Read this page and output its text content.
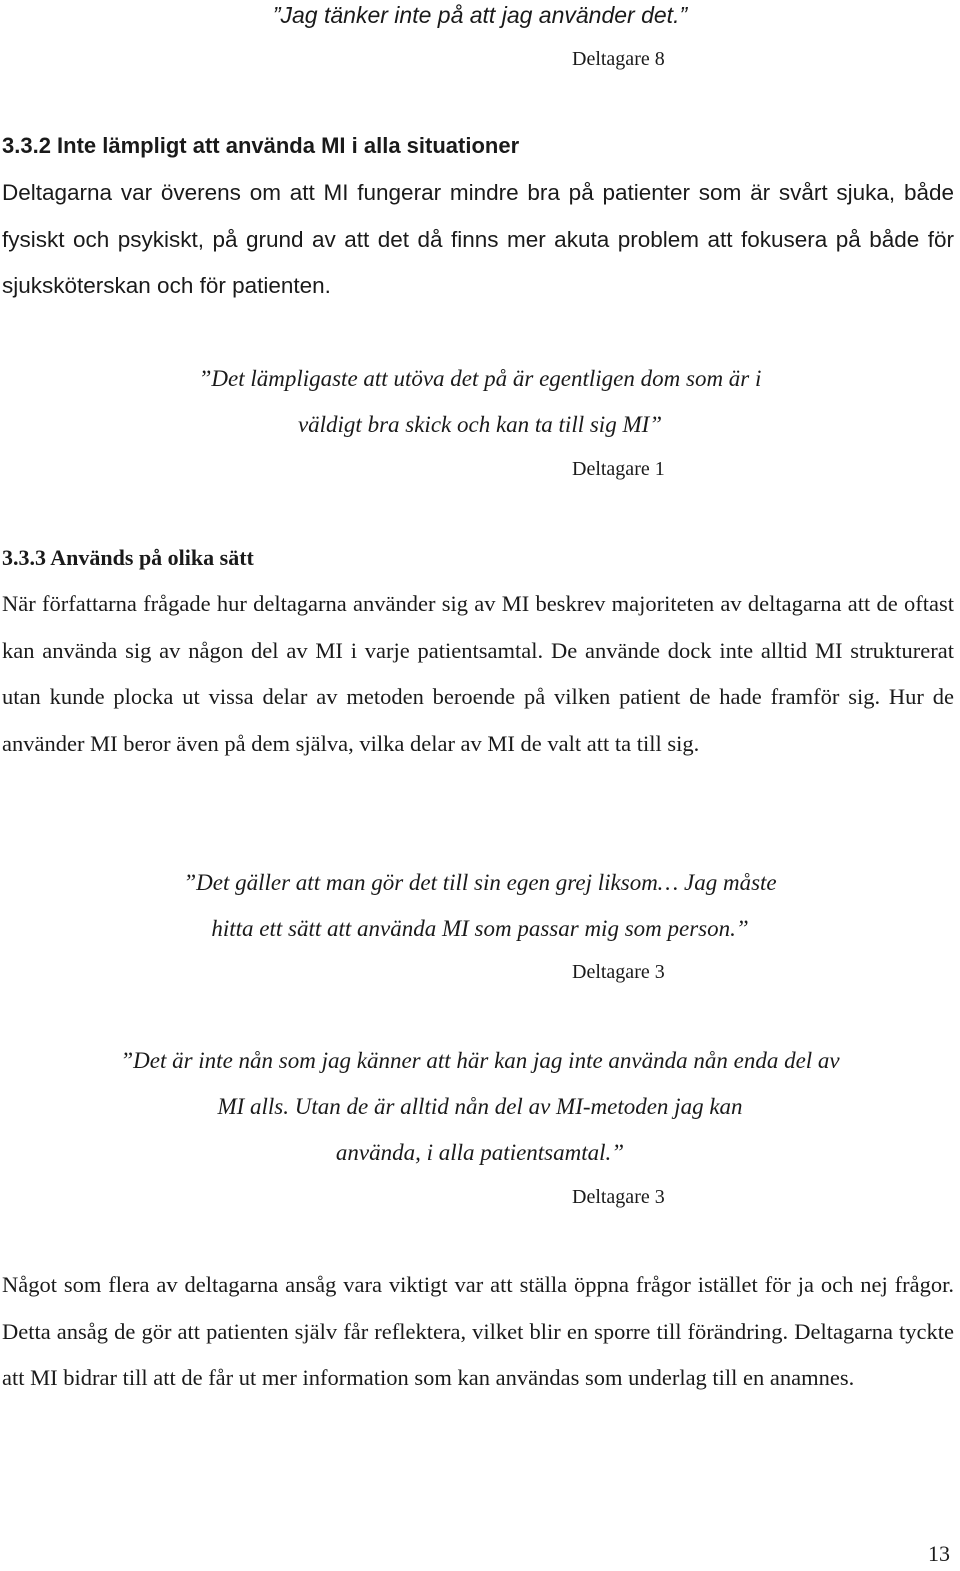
”Jag tänker inte på att jag använder det.”

Deltagare 8

3.3.2 Inte lämpligt att använda MI i alla situationer

Deltagarna var överens om att MI fungerar mindre bra på patienter som är svårt sjuka, både fysiskt och psykiskt, på grund av att det då finns mer akuta problem att fokusera på både för sjuksköterskan och för patienten.

”Det lämpligaste att utöva det på är egentligen dom som är i

väldigt bra skick och kan ta till sig MI”

Deltagare 1

3.3.3 Används på olika sätt

När författarna frågade hur deltagarna använder sig av MI beskrev majoriteten av deltagarna att de oftast kan använda sig av någon del av MI i varje patientsamtal. De använde dock inte alltid MI strukturerat utan kunde plocka ut vissa delar av metoden beroende på vilken patient de hade framför sig. Hur de använder MI beror även på dem själva, vilka delar av MI de valt att ta till sig.

”Det gäller att man gör det till sin egen grej liksom… Jag måste

hitta ett sätt att använda MI som passar mig som person.”

Deltagare 3

”Det är inte nån som jag känner att här kan jag inte använda nån enda del av

MI alls. Utan de är alltid nån del av MI-metoden jag kan

använda, i alla patientsamtal.”

Deltagare 3

Något som flera av deltagarna ansåg vara viktigt var att ställa öppna frågor istället för ja och nej frågor. Detta ansåg de gör att patienten själv får reflektera, vilket blir en sporre till förändring. Deltagarna tyckte att MI bidrar till att de får ut mer information som kan användas som underlag till en anamnes.

13
